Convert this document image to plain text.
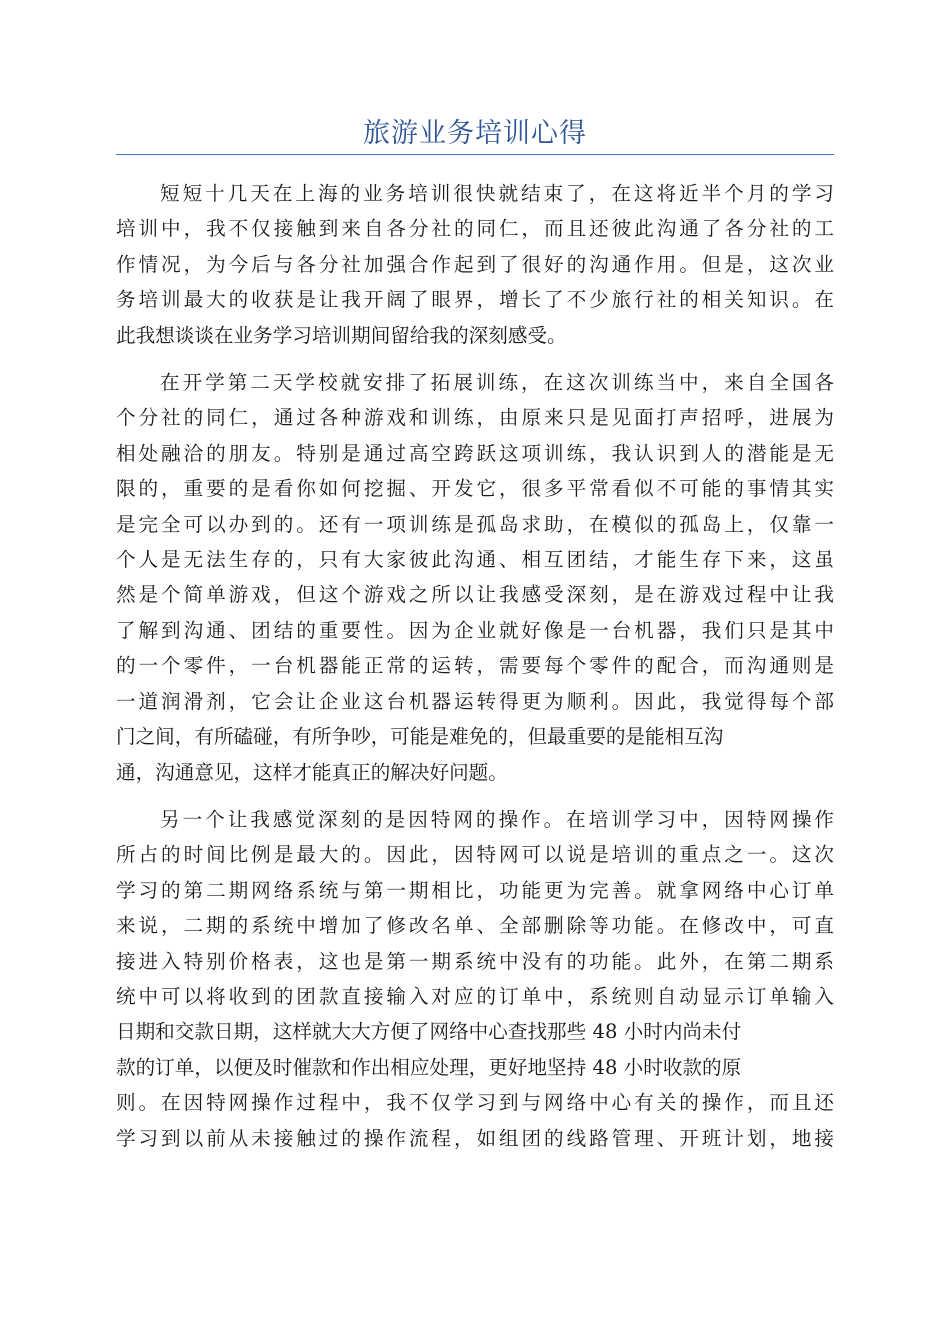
旅游业务培训心得
短短十几天在上海的业务培训很快就结束了，在这将近半个月的学习
培训中，我不仅接触到来自各分社的同仁，而且还彼此沟通了各分社的工
作情况，为今后与各分社加强合作起到了很好的沟通作用。但是，这次业
务培训最大的收获是让我开阔了眼界，增长了不少旅行社的相关知识。在
此我想谈谈在业务学习培训期间留给我的深刻感受。
在开学第二天学校就安排了拓展训练，在这次训练当中，来自全国各
个分社的同仁，通过各种游戏和训练，由原来只是见面打声招呼，进展为
相处融洽的朋友。特别是通过高空跨跃这项训练，我认识到人的潜能是无
限的，重要的是看你如何挖掘、开发它，很多平常看似不可能的事情其实
是完全可以办到的。还有一项训练是孤岛求助，在模似的孤岛上，仅靠一
个人是无法生存的，只有大家彼此沟通、相互团结，才能生存下来，这虽
然是个简单游戏，但这个游戏之所以让我感受深刻，是在游戏过程中让我
了解到沟通、团结的重要性。因为企业就好像是一台机器，我们只是其中
的一个零件，一台机器能正常的运转，需要每个零件的配合，而沟通则是
一道润滑剂，它会让企业这台机器运转得更为顺利。因此，我觉得每个部
门之间，有所磕碰，有所争吵，可能是难免的，但最重要的是能相互沟
通，沟通意见，这样才能真正的解决好问题。
另一个让我感觉深刻的是因特网的操作。在培训学习中，因特网操作
所占的时间比例是最大的。因此，因特网可以说是培训的重点之一。这次
学习的第二期网络系统与第一期相比，功能更为完善。就拿网络中心订单
来说，二期的系统中增加了修改名单、全部删除等功能。在修改中，可直
接进入特别价格表，这也是第一期系统中没有的功能。此外，在第二期系
统中可以将收到的团款直接输入对应的订单中，系统则自动显示订单输入
日期和交款日期，这样就大大方便了网络中心查找那些 48 小时内尚未付
款的订单，以便及时催款和作出相应处理，更好地坚持 48 小时收款的原
则。在因特网操作过程中，我不仅学习到与网络中心有关的操作，而且还
学习到以前从未接触过的操作流程，如组团的线路管理、开班计划，地接
